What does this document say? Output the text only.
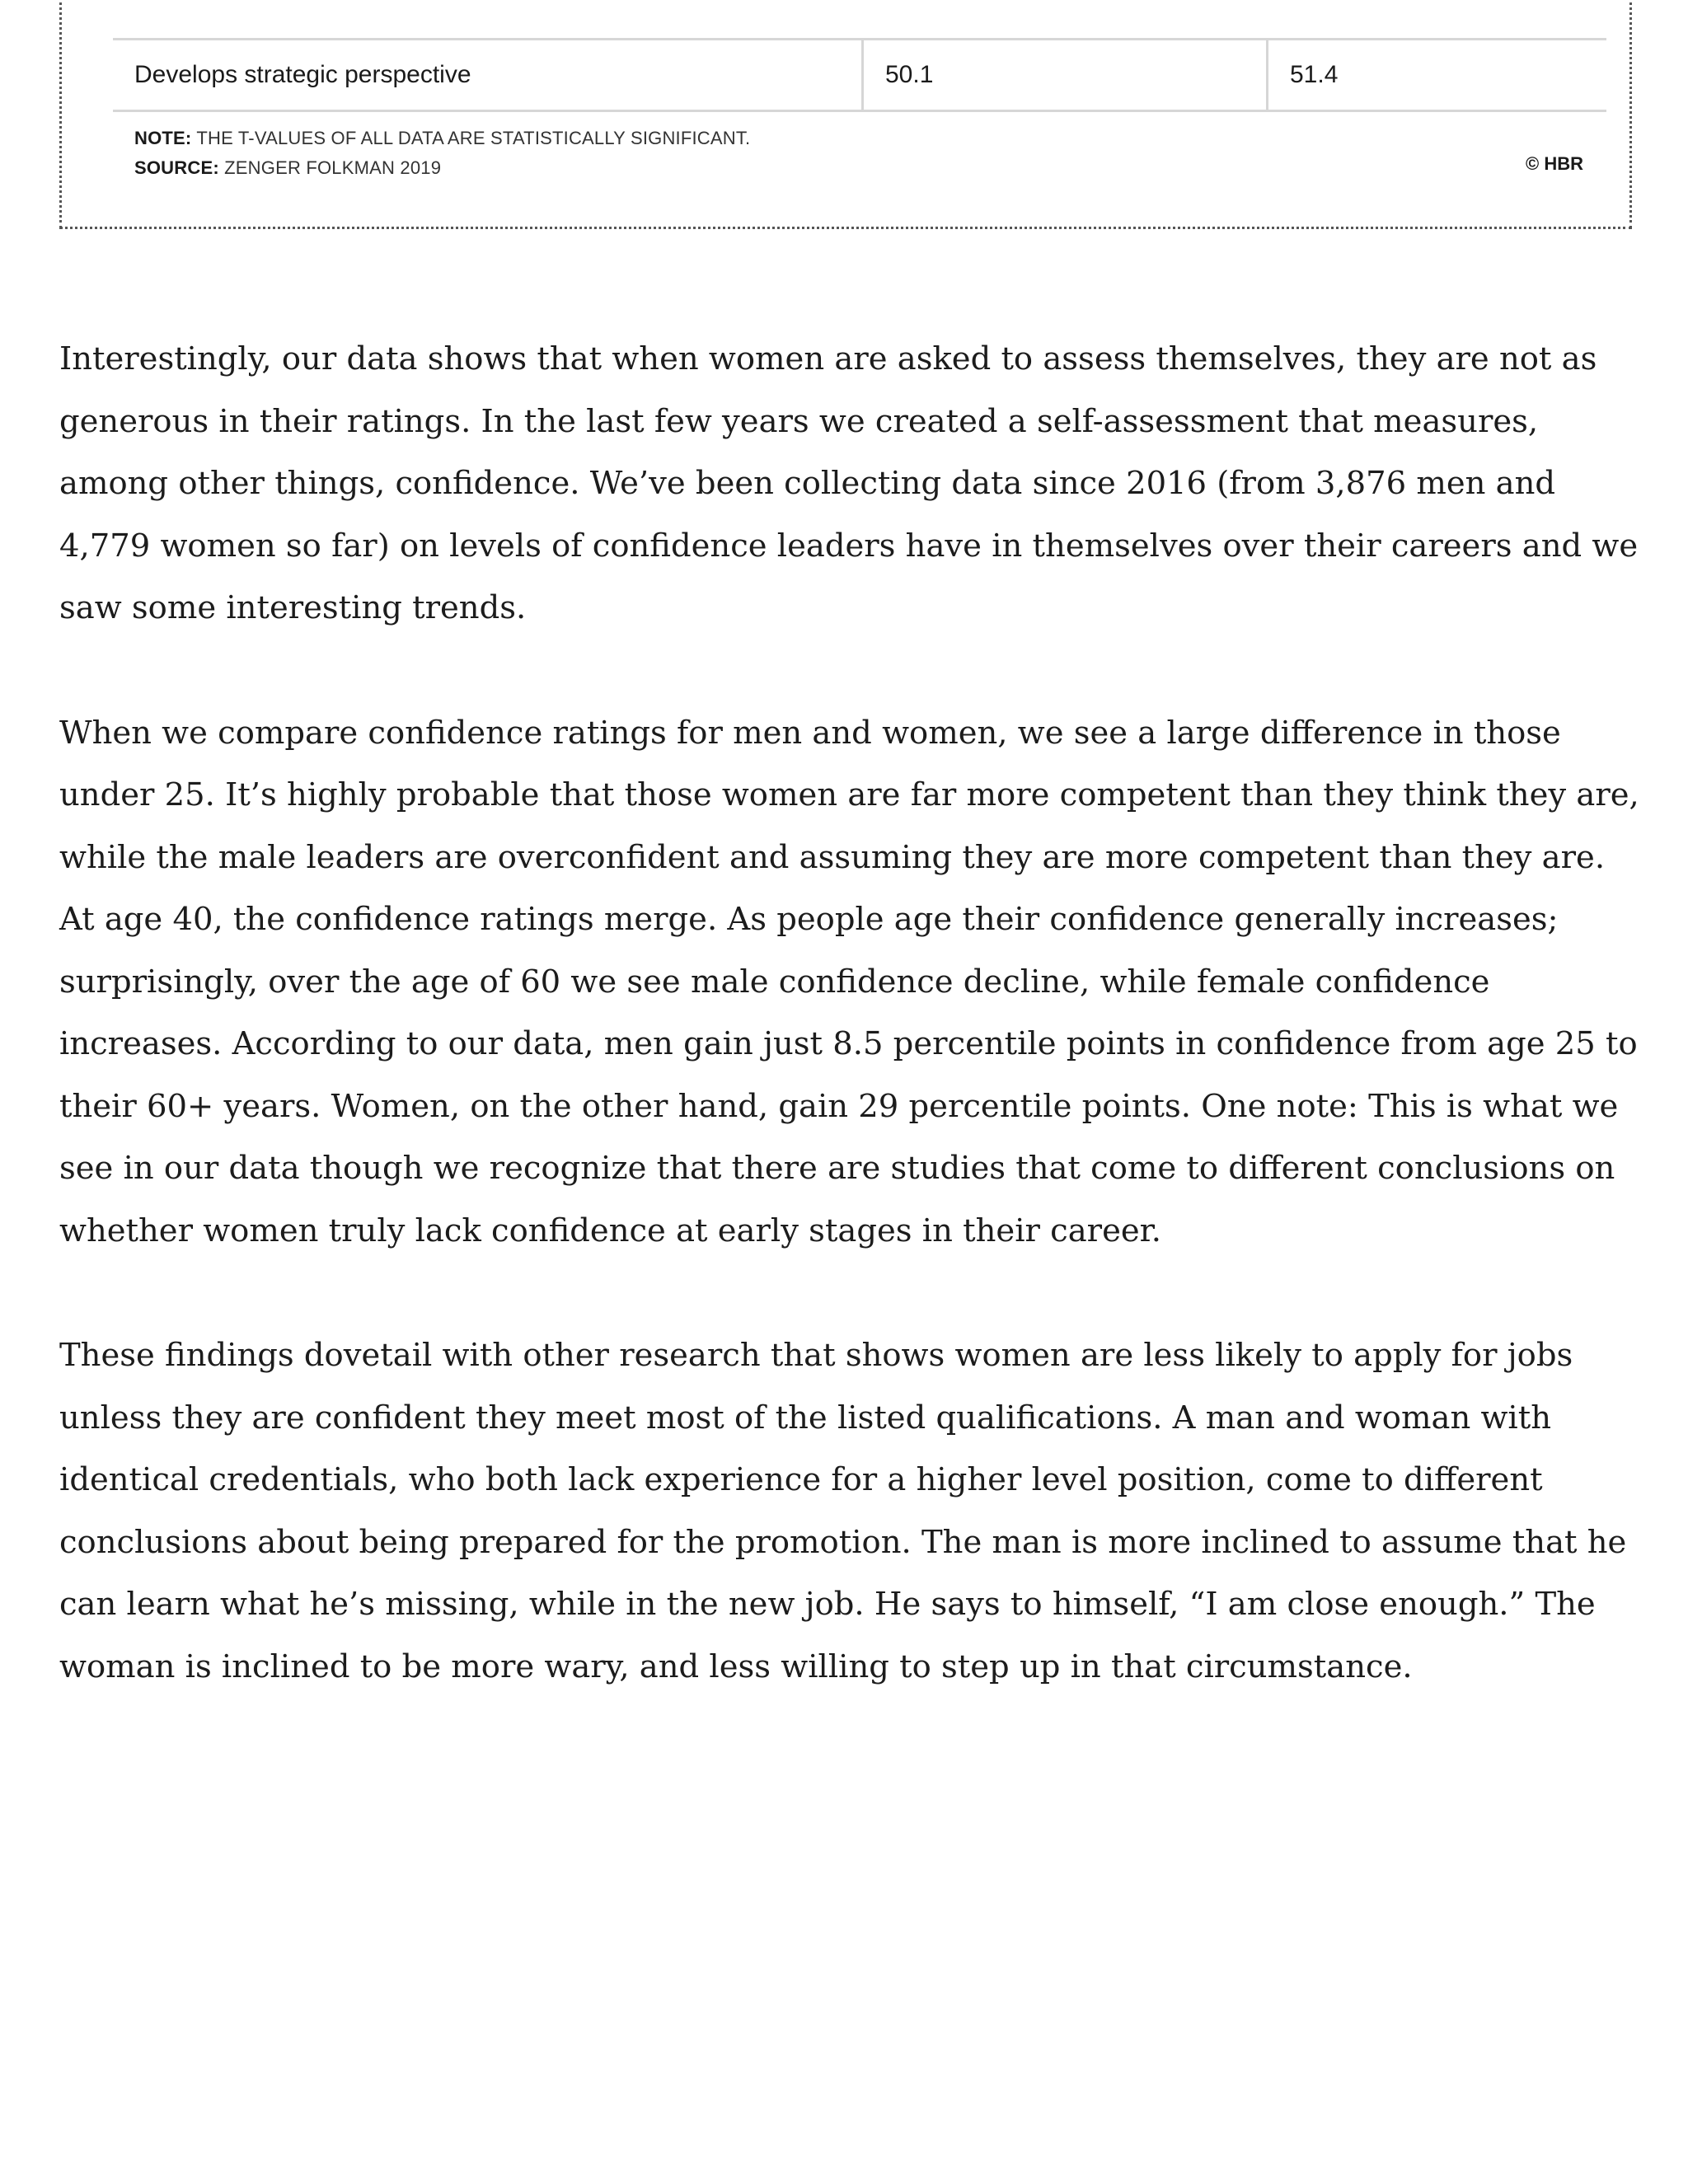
Develops strategic perspective	50.1	51.4
NOTE: THE T-VALUES OF ALL DATA ARE STATISTICALLY SIGNIFICANT.
SOURCE: ZENGER FOLKMAN 2019	© HBR

Interestingly, our data shows that when women are asked to assess themselves, they are not as generous in their ratings. In the last few years we created a self-assessment that measures, among other things, confidence. We’ve been collecting data since 2016 (from 3,876 men and 4,779 women so far) on levels of confidence leaders have in themselves over their careers and we saw some interesting trends.

When we compare confidence ratings for men and women, we see a large difference in those under 25. It’s highly probable that those women are far more competent than they think they are, while the male leaders are overconfident and assuming they are more competent than they are. At age 40, the confidence ratings merge. As people age their confidence generally increases; surprisingly, over the age of 60 we see male confidence decline, while female confidence increases. According to our data, men gain just 8.5 percentile points in confidence from age 25 to their 60+ years. Women, on the other hand, gain 29 percentile points. One note: This is what we see in our data though we recognize that there are studies that come to different conclusions on whether women truly lack confidence at early stages in their career.

These findings dovetail with other research that shows women are less likely to apply for jobs unless they are confident they meet most of the listed qualifications. A man and woman with identical credentials, who both lack experience for a higher level position, come to different conclusions about being prepared for the promotion. The man is more inclined to assume that he can learn what he’s missing, while in the new job. He says to himself, “I am close enough.” The woman is inclined to be more wary, and less willing to step up in that circumstance.
